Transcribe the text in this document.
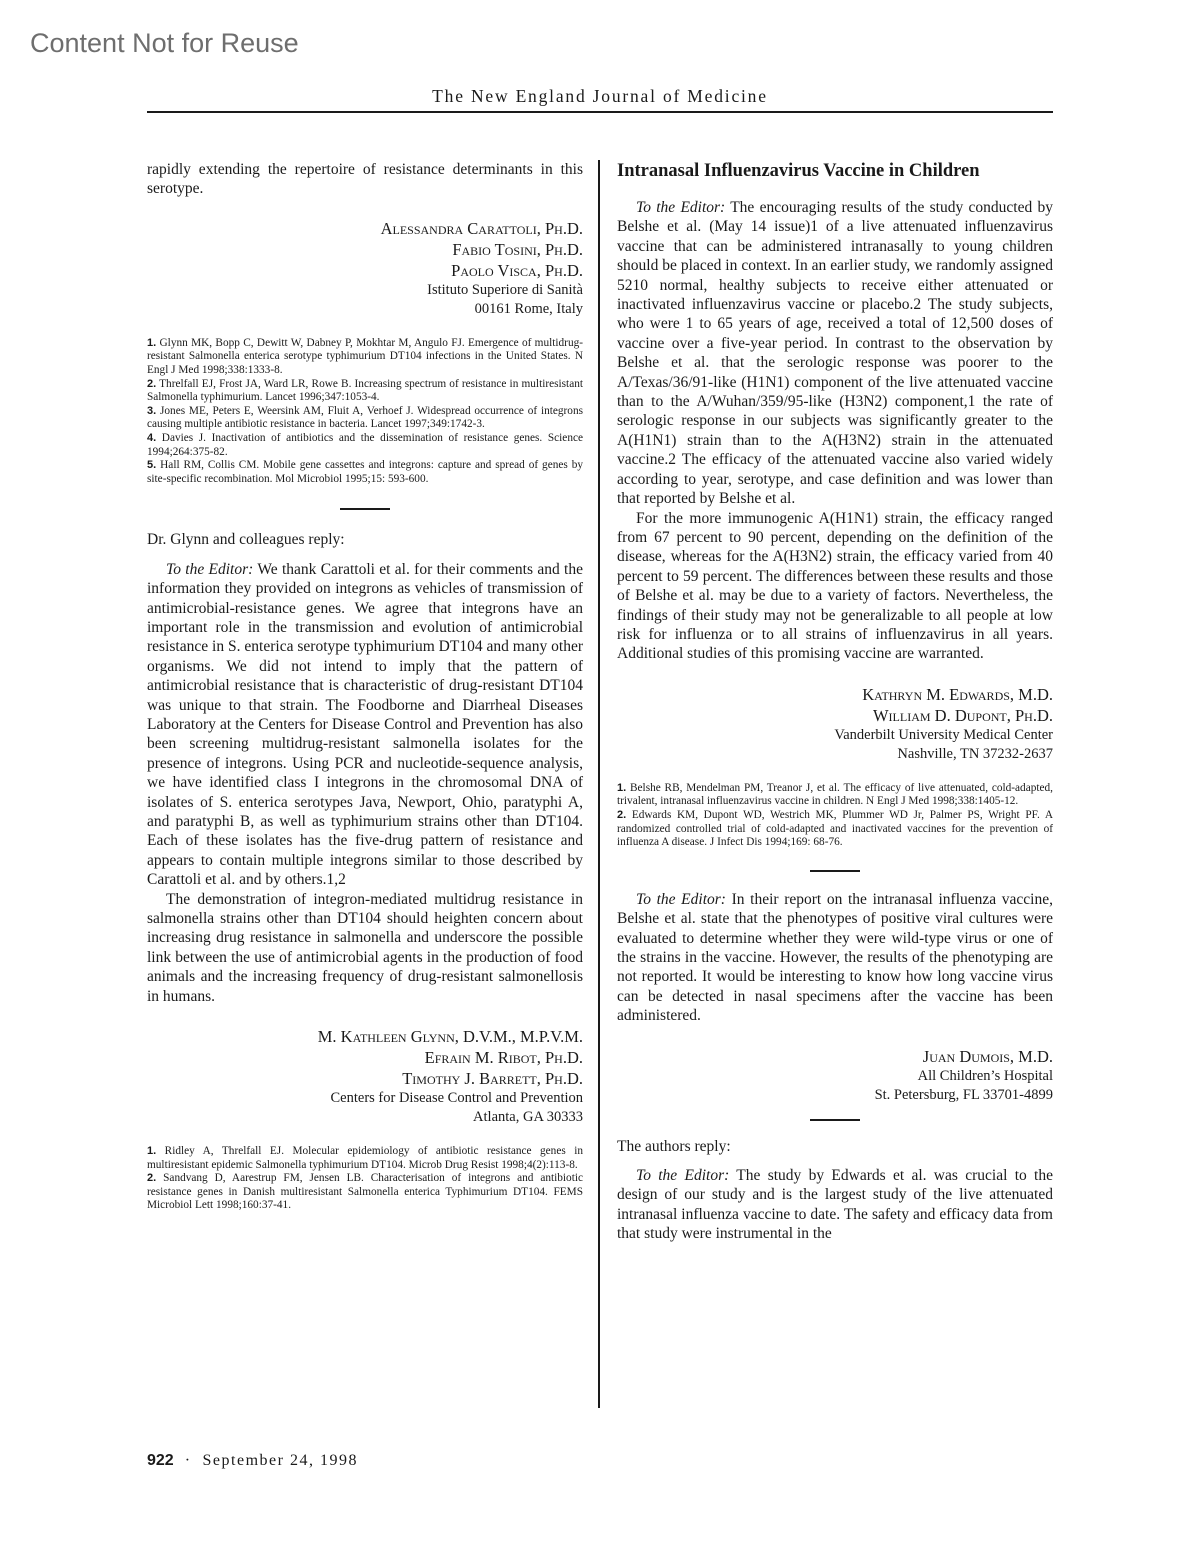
Content Not for Reuse
The New England Journal of Medicine

rapidly extending the repertoire of resistance determinants in this serotype.

Alessandra Carattoli, Ph.D.
Fabio Tosini, Ph.D.
Paolo Visca, Ph.D.
Istituto Superiore di Sanità
00161 Rome, Italy
1. Glynn MK, Bopp C, Dewitt W, Dabney P, Mokhtar M, Angulo FJ. Emergence of multidrug-resistant Salmonella enterica serotype typhimurium DT104 infections in the United States. N Engl J Med 1998;338:1333-8.
2. Threlfall EJ, Frost JA, Ward LR, Rowe B. Increasing spectrum of resistance in multiresistant Salmonella typhimurium. Lancet 1996;347:1053-4.
3. Jones ME, Peters E, Weersink AM, Fluit A, Verhoef J. Widespread occurrence of integrons causing multiple antibiotic resistance in bacteria. Lancet 1997;349:1742-3.
4. Davies J. Inactivation of antibiotics and the dissemination of resistance genes. Science 1994;264:375-82.
5. Hall RM, Collis CM. Mobile gene cassettes and integrons: capture and spread of genes by site-specific recombination. Mol Microbiol 1995;15: 593-600.

Dr. Glynn and colleagues reply:

To the Editor: We thank Carattoli et al. for their comments and the information they provided on integrons as vehicles of transmission of antimicrobial-resistance genes. We agree that integrons have an important role in the transmission and evolution of antimicrobial resistance in S. enterica serotype typhimurium DT104 and many other organisms. We did not intend to imply that the pattern of antimicrobial resistance that is characteristic of drug-resistant DT104 was unique to that strain. The Foodborne and Diarrheal Diseases Laboratory at the Centers for Disease Control and Prevention has also been screening multidrug-resistant salmonella isolates for the presence of integrons. Using PCR and nucleotide-sequence analysis, we have identified class I integrons in the chromosomal DNA of isolates of S. enterica serotypes Java, Newport, Ohio, paratyphi A, and paratyphi B, as well as typhimurium strains other than DT104. Each of these isolates has the five-drug pattern of resistance and appears to contain multiple integrons similar to those described by Carattoli et al. and by others.1,2

The demonstration of integron-mediated multidrug resistance in salmonella strains other than DT104 should heighten concern about increasing drug resistance in salmonella and underscore the possible link between the use of antimicrobial agents in the production of food animals and the increasing frequency of drug-resistant salmonellosis in humans.

M. Kathleen Glynn, D.V.M., M.P.V.M.
Efrain M. Ribot, Ph.D.
Timothy J. Barrett, Ph.D.
Centers for Disease Control and Prevention
Atlanta, GA 30333
1. Ridley A, Threlfall EJ. Molecular epidemiology of antibiotic resistance genes in multiresistant epidemic Salmonella typhimurium DT104. Microb Drug Resist 1998;4(2):113-8.
2. Sandvang D, Aarestrup FM, Jensen LB. Characterisation of integrons and antibiotic resistance genes in Danish multiresistant Salmonella enterica Typhimurium DT104. FEMS Microbiol Lett 1998;160:37-41.

Intranasal Influenzavirus Vaccine in Children

To the Editor: The encouraging results of the study conducted by Belshe et al. (May 14 issue)1 of a live attenuated influenzavirus vaccine that can be administered intranasally to young children should be placed in context. In an earlier study, we randomly assigned 5210 normal, healthy subjects to receive either attenuated or inactivated influenzavirus vaccine or placebo.2 The study subjects, who were 1 to 65 years of age, received a total of 12,500 doses of vaccine over a five-year period. In contrast to the observation by Belshe et al. that the serologic response was poorer to the A/Texas/36/91-like (H1N1) component of the live attenuated vaccine than to the A/Wuhan/359/95-like (H3N2) component,1 the rate of serologic response in our subjects was significantly greater to the A(H1N1) strain than to the A(H3N2) strain in the attenuated vaccine.2 The efficacy of the attenuated vaccine also varied widely according to year, serotype, and case definition and was lower than that reported by Belshe et al.

For the more immunogenic A(H1N1) strain, the efficacy ranged from 67 percent to 90 percent, depending on the definition of the disease, whereas for the A(H3N2) strain, the efficacy varied from 40 percent to 59 percent. The differences between these results and those of Belshe et al. may be due to a variety of factors. Nevertheless, the findings of their study may not be generalizable to all people at low risk for influenza or to all strains of influenzavirus in all years. Additional studies of this promising vaccine are warranted.

Kathryn M. Edwards, M.D.
William D. Dupont, Ph.D.
Vanderbilt University Medical Center
Nashville, TN 37232-2637
1. Belshe RB, Mendelman PM, Treanor J, et al. The efficacy of live attenuated, cold-adapted, trivalent, intranasal influenzavirus vaccine in children. N Engl J Med 1998;338:1405-12.
2. Edwards KM, Dupont WD, Westrich MK, Plummer WD Jr, Palmer PS, Wright PF. A randomized controlled trial of cold-adapted and inactivated vaccines for the prevention of influenza A disease. J Infect Dis 1994;169: 68-76.

To the Editor: In their report on the intranasal influenza vaccine, Belshe et al. state that the phenotypes of positive viral cultures were evaluated to determine whether they were wild-type virus or one of the strains in the vaccine. However, the results of the phenotyping are not reported. It would be interesting to know how long vaccine virus can be detected in nasal specimens after the vaccine has been administered.

Juan Dumois, M.D.
All Children’s Hospital
St. Petersburg, FL 33701-4899

The authors reply:

To the Editor: The study by Edwards et al. was crucial to the design of our study and is the largest study of the live attenuated intranasal influenza vaccine to date. The safety and efficacy data from that study were instrumental in the

922 · September 24, 1998
